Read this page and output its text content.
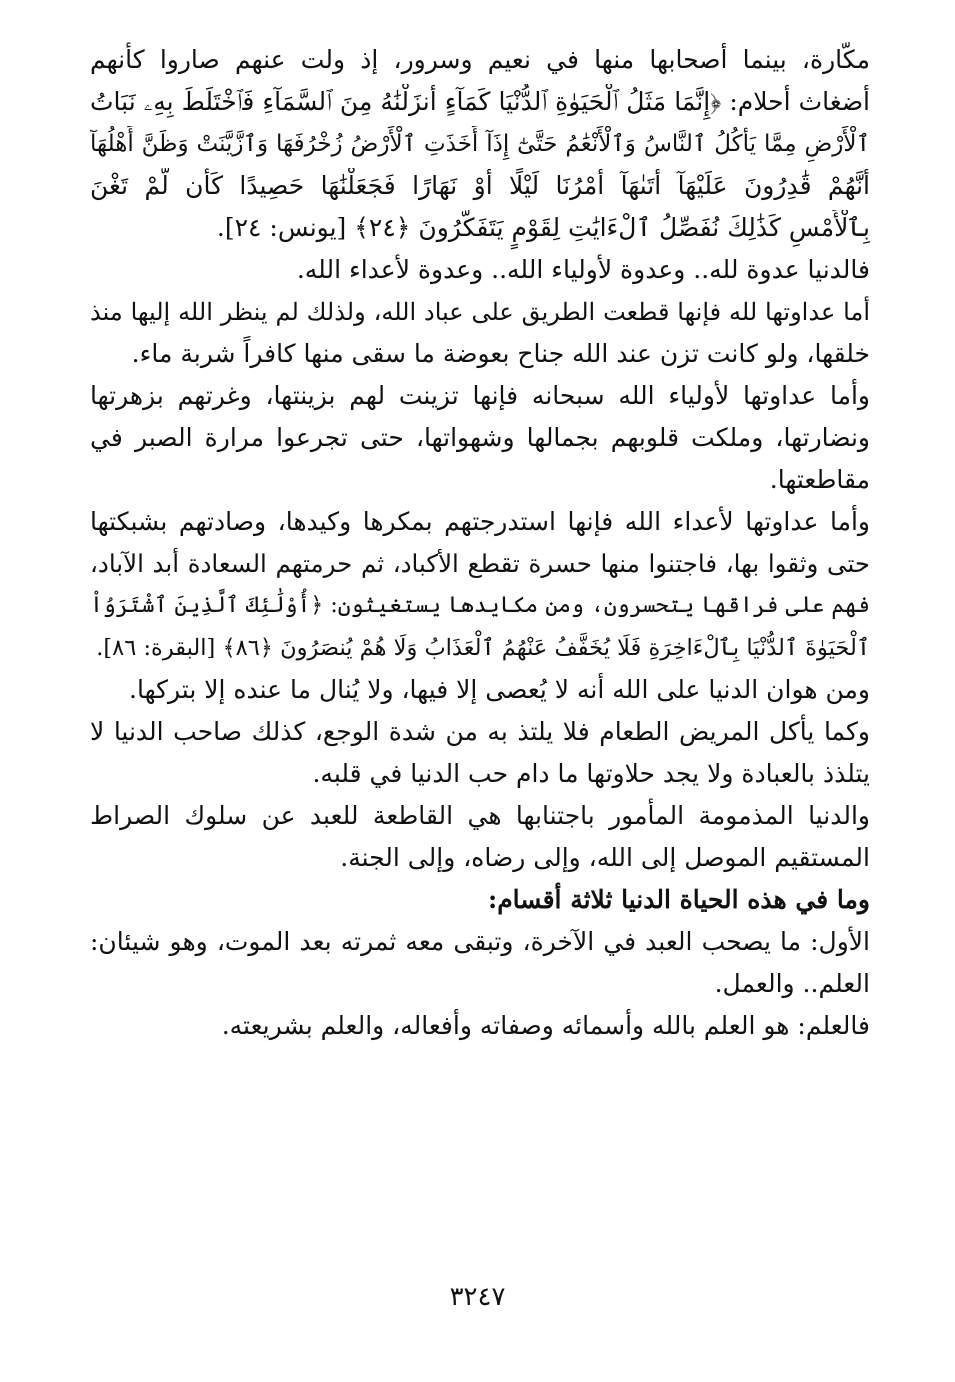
مكّارة، بينما أصحابها منها في نعيم وسرور، إذ ولت عنهم صاروا كأنهم
أضغاث أحلام: ﴿إِنَّمَا مَثَلُ ٱلْحَيَوٰةِ ٱلدُّنْيَا كَمَآءٍ أَنزَلْنَٰهُ مِنَ ٱلسَّمَآءِ فَٱخْتَلَطَ بِهِۦ نَبَاتُ
ٱلْأَرْضِ مِمَّا يَأْكُلُ ٱلنَّاسُ وَٱلْأَنْعَٰمُ حَتَّىٰٓ إِذَآ أَخَذَتِ ٱلْأَرْضُ زُخْرُفَهَا وَٱزَّيَّنَتْ وَظَنَّ أَهْلُهَآ
أَنَّهُمْ قَٰدِرُونَ عَلَيْهَآ أَتَىٰهَآ أَمْرُنَا لَيْلًا أَوْ نَهَارًا فَجَعَلْنَٰهَا حَصِيدًا كَأَن لَّمْ تَغْنَ
بِٱلْأَمْسِ كَذَٰلِكَ نُفَصِّلُ ٱلْءَايَٰتِ لِقَوْمٍ يَتَفَكَّرُونَ ﴿٢٤﴾ [يونس: ٢٤].
فالدنيا عدوة لله.. وعدوة لأولياء الله.. وعدوة لأعداء الله.
أما عداوتها لله فإنها قطعت الطريق على عباد الله، ولذلك لم ينظر الله إليها منذ
خلقها، ولو كانت تزن عند الله جناح بعوضة ما سقى منها كافراً شربة ماء.
وأما عداوتها لأولياء الله سبحانه فإنها تزينت لهم بزينتها، وغرتهم بزهرتها
ونضارتها، وملكت قلوبهم بجمالها وشهواتها، حتى تجرعوا مرارة الصبر في
مقاطعتها.
وأما عداوتها لأعداء الله فإنها استدرجتهم بمكرها وكيدها، وصادتهم بشبكتها
حتى وثقوا بها، فاجتنوا منها حسرة تقطع الأكباد، ثم حرمتهم السعادة أبد الآباد،
فهم على فراقها يتحسرون، ومن مكايدها يستغيثون: ﴿أُوْلَٰٓئِكَ ٱلَّذِينَ ٱشْتَرَوُاْ
ٱلْحَيَوٰةَ ٱلدُّنْيَا بِٱلْءَاخِرَةِ فَلَا يُخَفَّفُ عَنْهُمُ ٱلْعَذَابُ وَلَا هُمْ يُنصَرُونَ ﴿٨٦﴾ [البقرة: ٨٦].
ومن هوان الدنيا على الله أنه لا يُعصى إلا فيها، ولا يُنال ما عنده إلا بتركها.
وكما يأكل المريض الطعام فلا يلتذ به من شدة الوجع، كذلك صاحب الدنيا لا
يتلذذ بالعبادة ولا يجد حلاوتها ما دام حب الدنيا في قلبه.
والدنيا المذمومة المأمور باجتنابها هي القاطعة للعبد عن سلوك الصراط
المستقيم الموصل إلى الله، وإلى رضاه، وإلى الجنة.
وما في هذه الحياة الدنيا ثلاثة أقسام:
الأول: ما يصحب العبد في الآخرة، وتبقى معه ثمرته بعد الموت، وهو شيئان:
العلم.. والعمل.
فالعلم: هو العلم بالله وأسمائه وصفاته وأفعاله، والعلم بشريعته.
٣٢٤٧
